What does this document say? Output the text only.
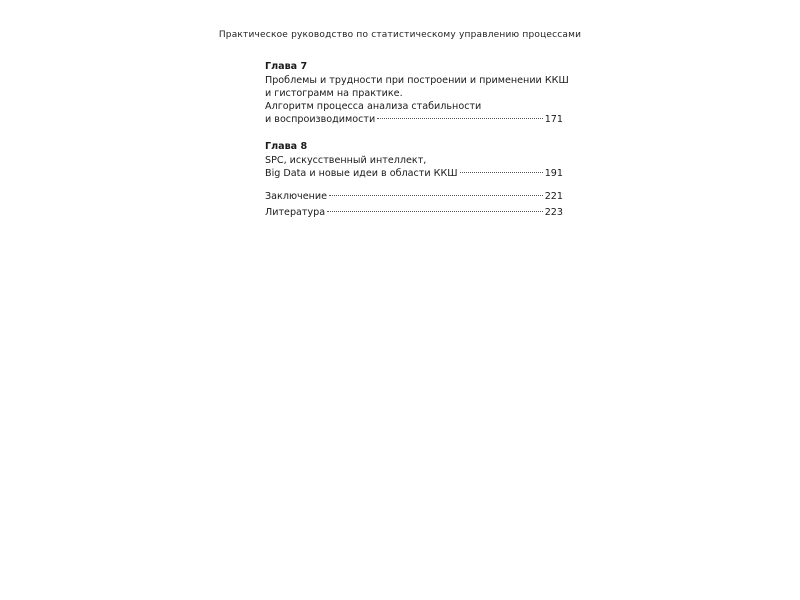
Практическое руководство по статистическому управлению процессами
Глава 7
Проблемы и трудности при построении и применении ККШ
и гистограмм на практике.
Алгоритм процесса анализа стабильности
и воспроизводимости	171
Глава 8
SPC, искусственный интеллект,
Big Data и новые идеи в области ККШ	191
Заключение	221
Литература	223
